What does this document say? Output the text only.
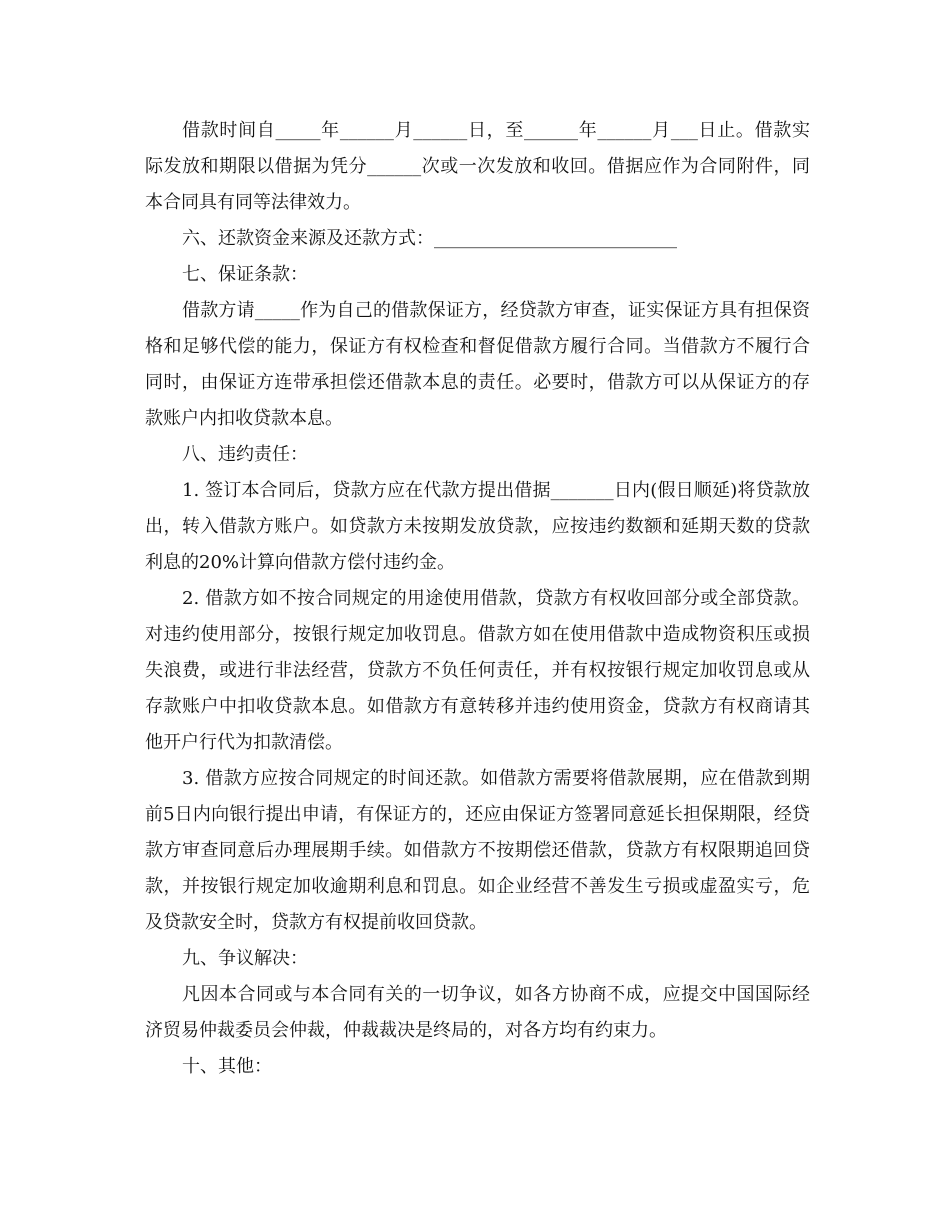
借款时间自_____年______月______日，至______年______月___日止。借款实际发放和期限以借据为凭分______次或一次发放和收回。借据应作为合同附件，同本合同具有同等法律效力。

六、还款资金来源及还款方式：___________________________

七、保证条款：

借款方请_____作为自己的借款保证方，经贷款方审查，证实保证方具有担保资格和足够代偿的能力，保证方有权检查和督促借款方履行合同。当借款方不履行合同时，由保证方连带承担偿还借款本息的责任。必要时，借款方可以从保证方的存款账户内扣收贷款本息。

八、违约责任：

1. 签订本合同后，贷款方应在代款方提出借据_______日内(假日顺延)将贷款放出，转入借款方账户。如贷款方未按期发放贷款，应按违约数额和延期天数的贷款利息的20%计算向借款方偿付违约金。

2. 借款方如不按合同规定的用途使用借款，贷款方有权收回部分或全部贷款。对违约使用部分，按银行规定加收罚息。借款方如在使用借款中造成物资积压或损失浪费，或进行非法经营，贷款方不负任何责任，并有权按银行规定加收罚息或从存款账户中扣收贷款本息。如借款方有意转移并违约使用资金，贷款方有权商请其他开户行代为扣款清偿。

3. 借款方应按合同规定的时间还款。如借款方需要将借款展期，应在借款到期前5日内向银行提出申请，有保证方的，还应由保证方签署同意延长担保期限，经贷款方审查同意后办理展期手续。如借款方不按期偿还借款，贷款方有权限期追回贷款，并按银行规定加收逾期利息和罚息。如企业经营不善发生亏损或虚盈实亏，危及贷款安全时，贷款方有权提前收回贷款。

九、争议解决：

凡因本合同或与本合同有关的一切争议，如各方协商不成，应提交中国国际经济贸易仲裁委员会仲裁，仲裁裁决是终局的，对各方均有约束力。

十、其他：
